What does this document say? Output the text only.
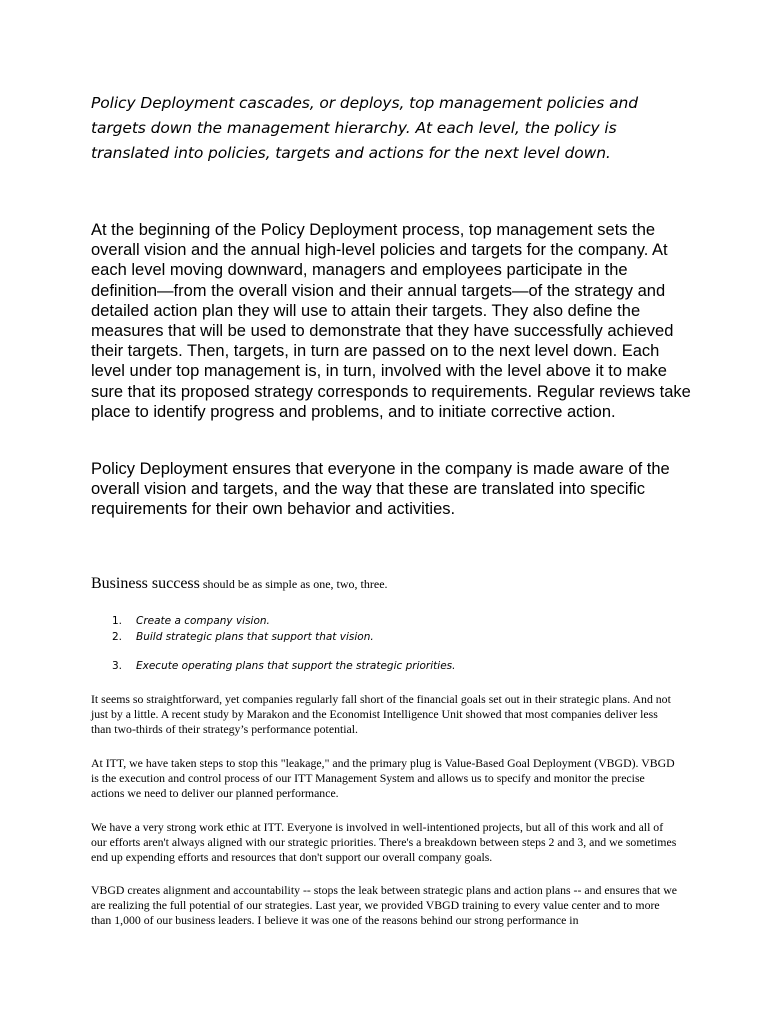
Policy Deployment cascades, or deploys, top management policies and targets down the management hierarchy. At each level, the policy is translated into policies, targets and actions for the next level down.

At the beginning of the Policy Deployment process, top management sets the overall vision and the annual high-level policies and targets for the company. At each level moving downward, managers and employees participate in the definition—from the overall vision and their annual targets—of the strategy and detailed action plan they will use to attain their targets. They also define the measures that will be used to demonstrate that they have successfully achieved their targets. Then, targets, in turn are passed on to the next level down. Each level under top management is, in turn, involved with the level above it to make sure that its proposed strategy corresponds to requirements. Regular reviews take place to identify progress and problems, and to initiate corrective action.

Policy Deployment ensures that everyone in the company is made aware of the overall vision and targets, and the way that these are translated into specific requirements for their own behavior and activities.

Business success should be as simple as one, two, three.

1.	Create a company vision.
2.	Build strategic plans that support that vision.
3.	Execute operating plans that support the strategic priorities.

It seems so straightforward, yet companies regularly fall short of the financial goals set out in their strategic plans. And not just by a little. A recent study by Marakon and the Economist Intelligence Unit showed that most companies deliver less than two-thirds of their strategy’s performance potential.

At ITT, we have taken steps to stop this "leakage," and the primary plug is Value-Based Goal Deployment (VBGD). VBGD is the execution and control process of our ITT Management System and allows us to specify and monitor the precise actions we need to deliver our planned performance.

We have a very strong work ethic at ITT. Everyone is involved in well-intentioned projects, but all of this work and all of our efforts aren't always aligned with our strategic priorities. There's a breakdown between steps 2 and 3, and we sometimes end up expending efforts and resources that don't support our overall company goals.

VBGD creates alignment and accountability -- stops the leak between strategic plans and action plans -- and ensures that we are realizing the full potential of our strategies. Last year, we provided VBGD training to every value center and to more than 1,000 of our business leaders. I believe it was one of the reasons behind our strong performance in
